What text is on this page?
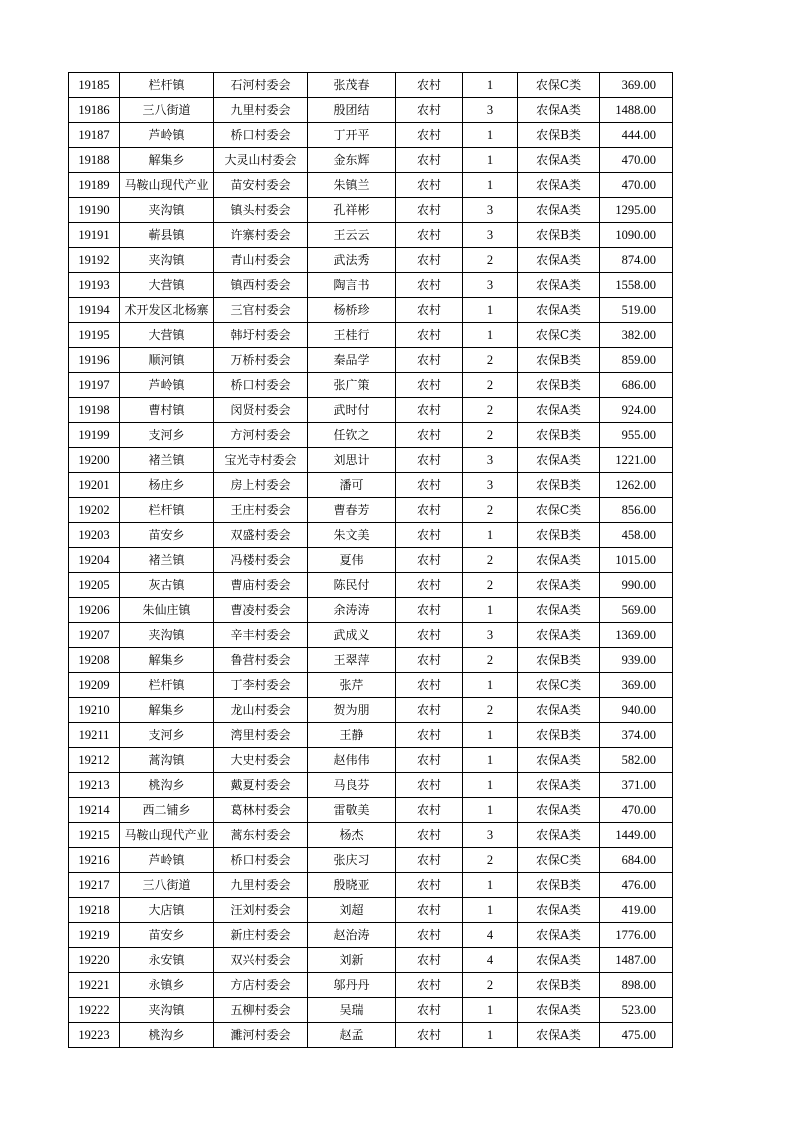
19185	栏杆镇	石河村委会	张茂春	农村	1	农保C类	369.00
19186	三八街道	九里村委会	殷团结	农村	3	农保A类	1488.00
19187	芦岭镇	桥口村委会	丁开平	农村	1	农保B类	444.00
19188	解集乡	大灵山村委会	金东辉	农村	1	农保A类	470.00
19189	马鞍山现代产业	苗安村委会	朱镇兰	农村	1	农保A类	470.00
19190	夹沟镇	镇头村委会	孔祥彬	农村	3	农保A类	1295.00
19191	蕲县镇	许寨村委会	王云云	农村	3	农保B类	1090.00
19192	夹沟镇	青山村委会	武法秀	农村	2	农保A类	874.00
19193	大营镇	镇西村委会	陶言书	农村	3	农保A类	1558.00
19194	术开发区北杨寨	三官村委会	杨桥珍	农村	1	农保A类	519.00
19195	大营镇	韩圩村委会	王桂行	农村	1	农保C类	382.00
19196	顺河镇	万桥村委会	秦品学	农村	2	农保B类	859.00
19197	芦岭镇	桥口村委会	张广策	农村	2	农保B类	686.00
19198	曹村镇	闵贤村委会	武时付	农村	2	农保A类	924.00
19199	支河乡	方河村委会	任钦之	农村	2	农保B类	955.00
19200	褚兰镇	宝光寺村委会	刘思计	农村	3	农保A类	1221.00
19201	杨庄乡	房上村委会	潘可	农村	3	农保B类	1262.00
19202	栏杆镇	王庄村委会	曹春芳	农村	2	农保C类	856.00
19203	苗安乡	双盛村委会	朱文美	农村	1	农保B类	458.00
19204	褚兰镇	冯楼村委会	夏伟	农村	2	农保A类	1015.00
19205	灰古镇	曹庙村委会	陈民付	农村	2	农保A类	990.00
19206	朱仙庄镇	曹凌村委会	余涛涛	农村	1	农保A类	569.00
19207	夹沟镇	辛丰村委会	武成义	农村	3	农保A类	1369.00
19208	解集乡	鲁营村委会	王翠萍	农村	2	农保B类	939.00
19209	栏杆镇	丁李村委会	张芹	农村	1	农保C类	369.00
19210	解集乡	龙山村委会	贺为朋	农村	2	农保A类	940.00
19211	支河乡	湾里村委会	王静	农村	1	农保B类	374.00
19212	蒿沟镇	大史村委会	赵伟伟	农村	1	农保A类	582.00
19213	桃沟乡	戴夏村委会	马良芬	农村	1	农保A类	371.00
19214	西二铺乡	葛林村委会	雷敬美	农村	1	农保A类	470.00
19215	马鞍山现代产业	蒿东村委会	杨杰	农村	3	农保A类	1449.00
19216	芦岭镇	桥口村委会	张庆习	农村	2	农保C类	684.00
19217	三八街道	九里村委会	殷晓亚	农村	1	农保B类	476.00
19218	大店镇	汪刘村委会	刘超	农村	1	农保A类	419.00
19219	苗安乡	新庄村委会	赵治涛	农村	4	农保A类	1776.00
19220	永安镇	双兴村委会	刘新	农村	4	农保A类	1487.00
19221	永镇乡	方店村委会	邬丹丹	农村	2	农保B类	898.00
19222	夹沟镇	五柳村委会	吴瑞	农村	1	农保A类	523.00
19223	桃沟乡	濉河村委会	赵孟	农村	1	农保A类	475.00
